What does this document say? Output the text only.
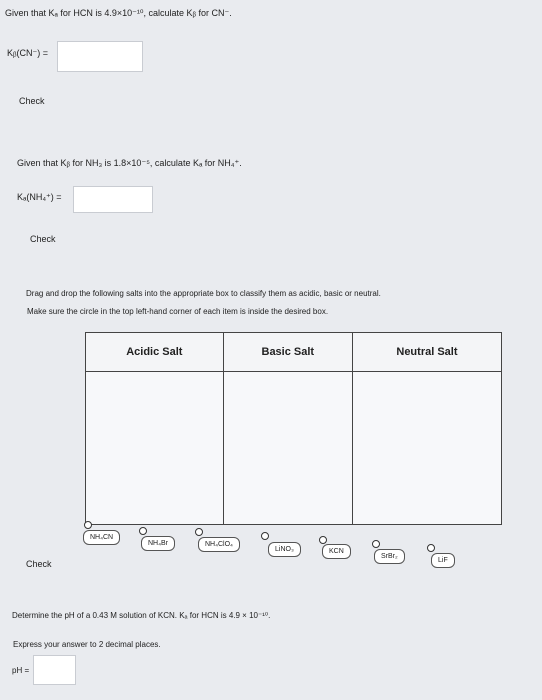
Given that Kₐ for HCN is 4.9×10⁻¹⁰, calculate Kᵦ for CN⁻.
Kᵦ(CN⁻) =
Check
Given that Kᵦ for NH₃ is 1.8×10⁻⁵, calculate Kₐ for NH₄⁺.
Kₐ(NH₄⁺) =
Check
Drag and drop the following salts into the appropriate box to classify them as acidic, basic or neutral.
Make sure the circle in the top left-hand corner of each item is inside the desired box.
Acidic Salt	Basic Salt	Neutral Salt

NH₄CN
NH₄Br	NH₄ClO₄
LiNO₃	KCN
SrBr₂
LiF
Check
Determine the pH of a 0.43 M solution of KCN. Kₐ for HCN is 4.9 × 10⁻¹⁰.
Express your answer to 2 decimal places.
pH =
